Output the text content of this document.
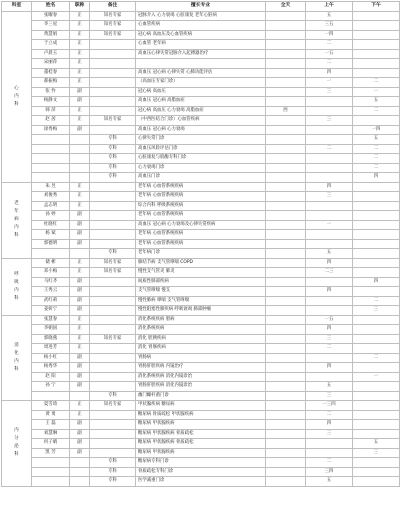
科室	姓名	职称	备注	擅长专业	全天	上午	下午

心
内
科	张曜春	正	知名专家	冠脉介入 心力衰竭 心脏康复 老年心脏病		五	
	李三星	正	知名专家	心血管疾病		三五	
	黄慧娟	正	知名专家	冠心病 高血压及心血管疾病		一四	
	于立成	正		心血管 老年病		二	
	卢晨玉	正		高血压心律失常冠脉介入起搏器治疗		一五	
	宋丽萍	正				二	
	董桂春	正		高血压 冠心病 心律失常 心肺功能评估		四	
	郝振梅	正		（高血压专家门诊）		一	二
	张 怜	副		冠心病 高血压		三	一
	杨静文	副		高血压 冠心病 高脂血症			五
	韩 萍	正		冠心病 高血压 心力衰竭 高脂血症	西		二
	赵 茜	正	知名专家	（中西医结合门诊）心血管疾病		三	
	徐秀梅	副		高血压 冠心病 心力衰竭			一四
			专科	心律失常门诊			五
			专科	高血压风险评估门诊		二	二
			专科	心脏康复与肌酶专科门诊			二
			专科	心力衰竭门诊			二
			专科	高血压门诊			四

老
年
病
内
科	朱 昱	正		老年病 心血管系统疾病		四	
	刘俊秀	正		老年病 心血管系统疾病		三	
	孟志明	正		综合内科 呼吸系统疾病			
	孙 婷	副		老年病 心血管系统疾病			
	杜晓红	副		高血压 冠心病 心力衰竭及心律失常疾病		一	
	杨 斌	副		老年病 心血管系统疾病			
	郭德明	副		老年病 心血管系统疾病			
			专科	老年病门诊		五	

呼
吸
内
科	储 彬	正	知名专家	肺结节病 支气管哮喘 COPD		四	
	邓小梅	正	知名专家	慢性支气管炎 肺炎		二三	
	马红齐	副		间质性肺部疾病			四
	王秀云	副		支气管哮喘 慢支		四	
	武红莉	副		慢性肺病 哮喘 支气管哮喘			二
	姜妍宁	副		慢性阻塞性肺疾病 呼吸衰竭 肺部肿瘤			三

消
化
内
科	张慧春	正		消化系统疾病 胆病		一五	
	李朝国	正		消化系统疾病		四	
	郭晓燕	正	知名专家	消化 胆胰疾病		三	
	周进芳	正		消化 胃肠疾病		二	
	杨小红	副		胃肠病			二
	杨秀华	副		胃肠肝胆疾病 内镜治疗		四	
	赵 阳	副		消化系统疾病 消化内镜诊治			一
	孙 宁	副		胃肠肝胆疾病 消化内镜诊治		五	
			专科	幽门螺杆菌门诊		三	

内
分
泌
科	夏雪琦	正	知名专家	甲状腺疾病 糖尿病		一三四	
	黄 勇	正		糖尿病 骨质疏松 甲状腺疾病		二	
	王 磊	副		糖尿病 甲状腺疾病		四	
	刘慧琳	副		糖尿病 甲状腺疾病 骨质疏松		三	
	何子晴	副		糖尿病 甲状腺疾病 骨质疏松			五
	凯 芳	副		糖尿病 甲状腺疾病			三
			专科	糖尿病专科门诊		二	
			专科	骨质疏松专科门诊		三四	
			专科	医学减重门诊		五	
